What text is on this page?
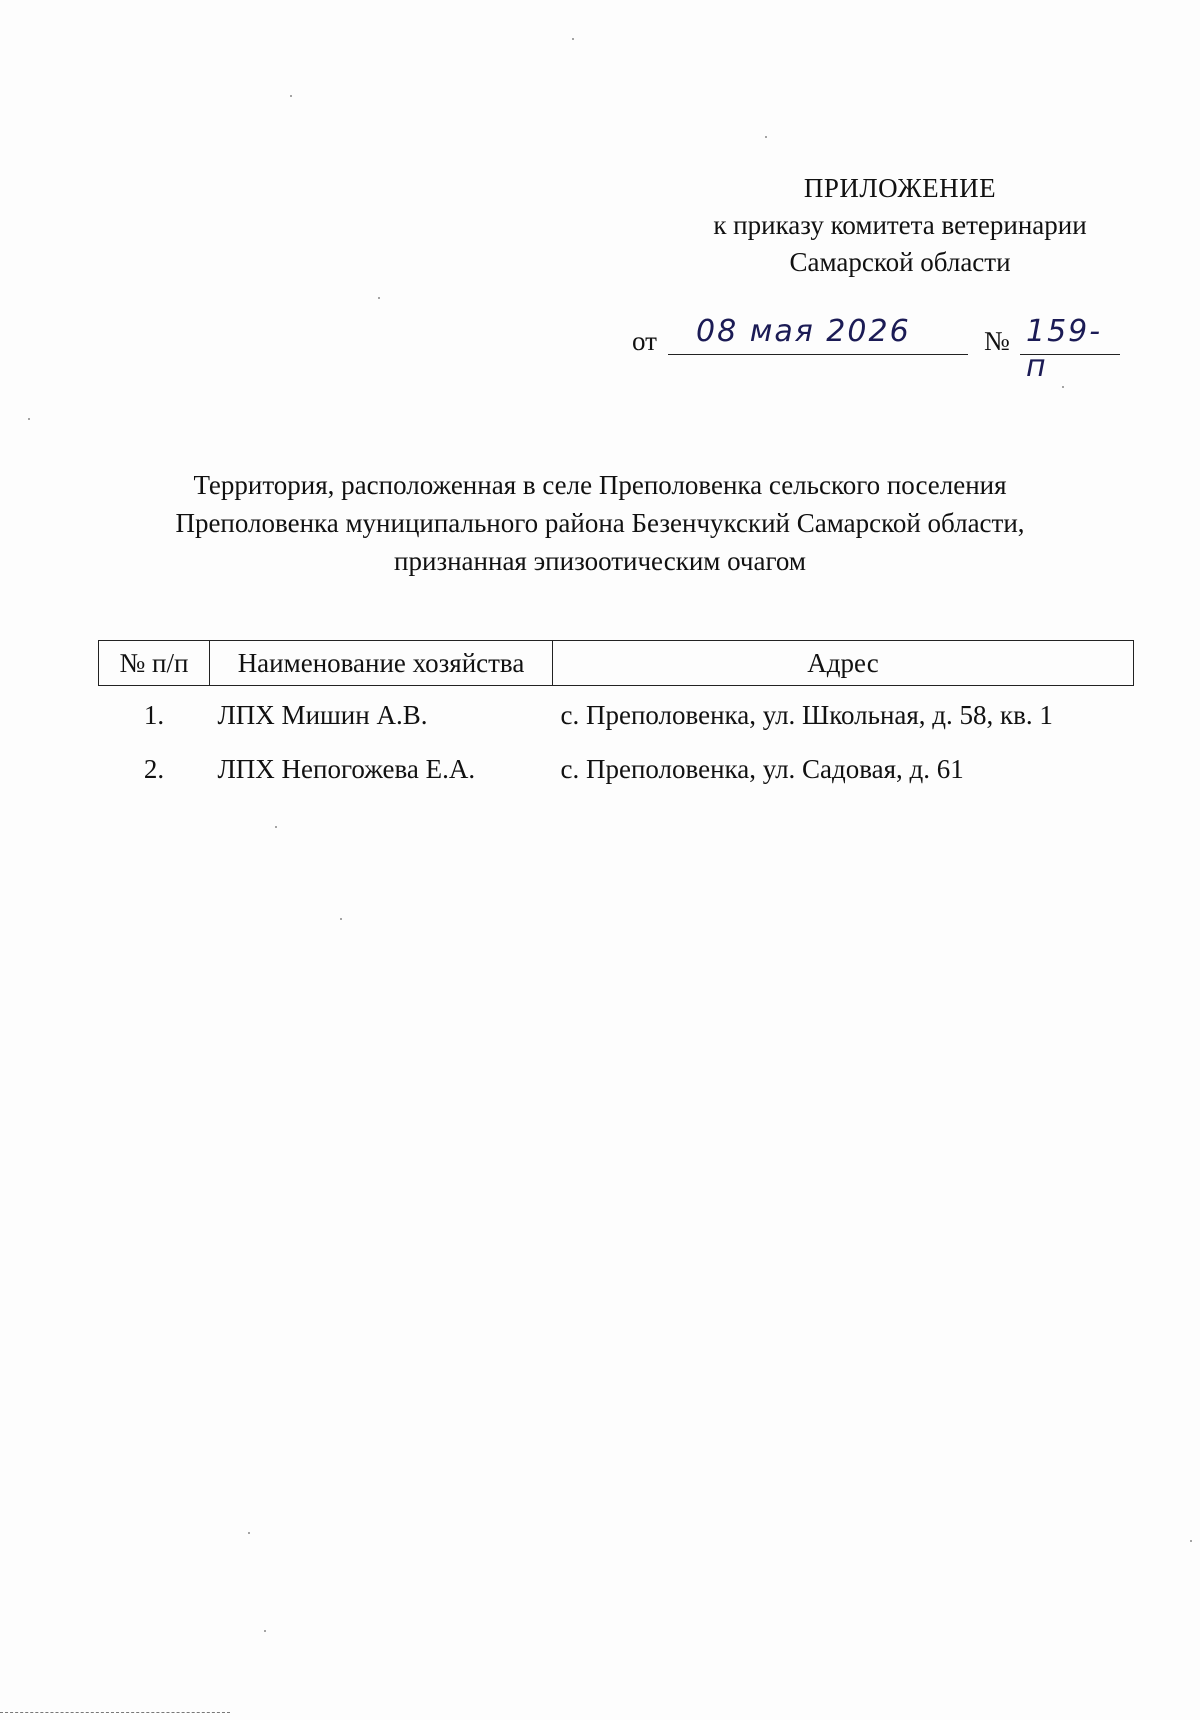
ПРИЛОЖЕНИЕ
к приказу комитета ветеринарии
Самарской области
от 08 мая 2026	№ 159-п
Территория, расположенная в селе Преполовенка сельского поселения
Преполовенка муниципального района Безенчукский Самарской области,
признанная эпизоотическим очагом
№ п/п	Наименование хозяйства	Адрес
1.	ЛПХ Мишин А.В.	с. Преполовенка, ул. Школьная, д. 58, кв. 1
2.	ЛПХ Непогожева Е.А.	с. Преполовенка, ул. Садовая, д. 61
